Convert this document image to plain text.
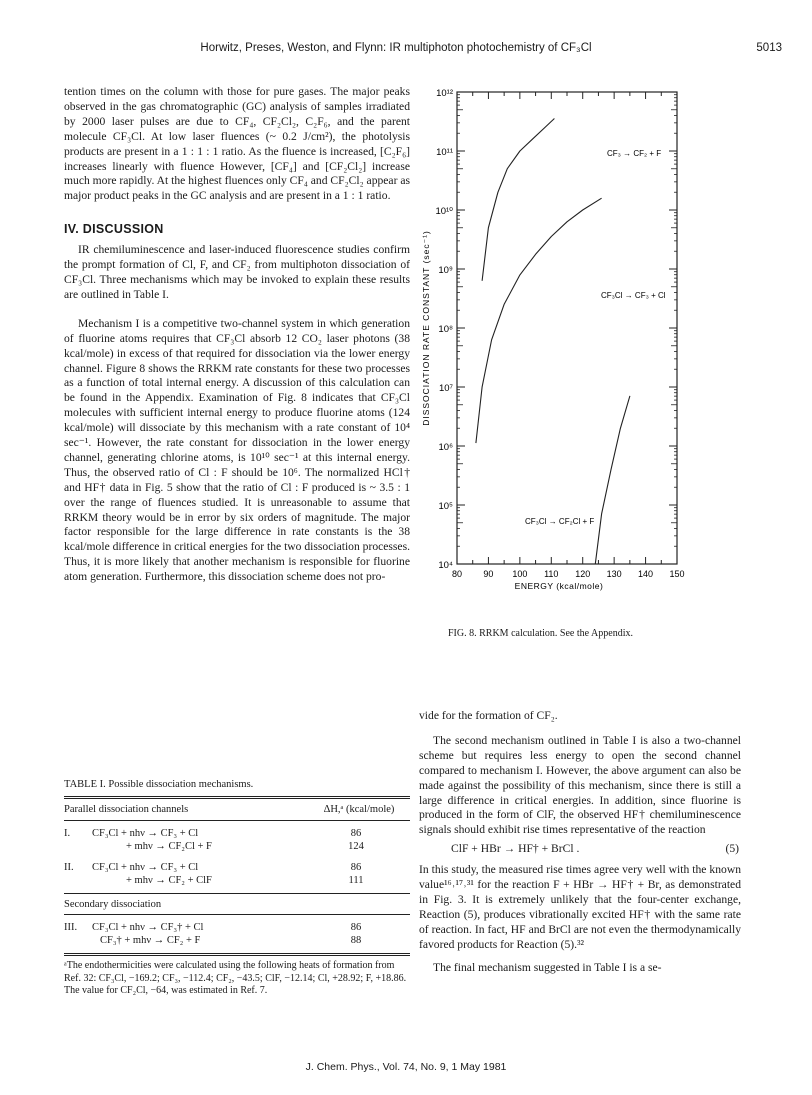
Horwitz, Preses, Weston, and Flynn: IR multiphoton photochemistry of CF₃Cl	5013

tention times on the column with those for pure gases. The major peaks observed in the gas chromatographic (GC) analysis of samples irradiated by 2000 laser pulses are due to CF₄, CF₂Cl₂, C₂F₆, and the parent molecule CF₃Cl. At low laser fluences (~ 0.2 J/cm²), the photolysis products are present in a 1 : 1 : 1 ratio. As the fluence is increased, [C₂F₆] increases linearly with fluence However, [CF₄] and [CF₂Cl₂] increase much more rapidly. At the highest fluences only CF₄ and CF₂Cl₂ appear as major product peaks in the GC analysis and are present in a 1 : 1 ratio.

IV. DISCUSSION

IR chemiluminescence and laser-induced fluorescence studies confirm the prompt formation of Cl, F, and CF₂ from multiphoton dissociation of CF₃Cl. Three mechanisms which may be invoked to explain these results are outlined in Table I.

Mechanism I is a competitive two-channel system in which generation of fluorine atoms requires that CF₃Cl absorb 12 CO₂ laser photons (38 kcal/mole) in excess of that required for dissociation via the lower energy channel. Figure 8 shows the RRKM rate constants for these two processes as a function of total internal energy. A discussion of this calculation can be found in the Appendix. Examination of Fig. 8 indicates that CF₃Cl molecules with sufficient internal energy to produce fluorine atoms (124 kcal/mole) will dissociate by this mechanism with a rate constant of 10⁴ sec⁻¹. However, the rate constant for dissociation in the lower energy channel, generating chlorine atoms, is 10¹⁰ sec⁻¹ at this internal energy. Thus, the observed ratio of Cl : F should be 10⁶. The normalized HCl† and HF† data in Fig. 5 show that the ratio of Cl : F produced is ~ 3.5 : 1 over the range of fluences studied. It is unreasonable to assume that RRKM theory would be in error by six orders of magnitude. The major factor responsible for the large difference in rate constants is the 38 kcal/mole difference in critical energies for the two dissociation processes. Thus, it is more likely that another mechanism is responsible for fluorine atom generation. Furthermore, this dissociation scheme does not pro-

TABLE I. Possible dissociation mechanisms.
Parallel dissociation channels	ΔH,ᵃ (kcal/mole)
I. CF₃Cl + nhν → CF₃ + Cl	86
+ mhν → CF₂Cl + F	124
II. CF₃Cl + nhν → CF₃ + Cl	86
+ mhν → CF₂ + ClF	111
Secondary dissociation
III. CF₃Cl + nhν → CF₃† + Cl	86
CF₃† + mhν → CF₂ + F	88
ᵃThe endothermicities were calculated using the following heats of formation from Ref. 32: CF₃Cl, −169.2; CF₃, −112.4; CF₂, −43.5; ClF, −12.14; Cl, +28.92; F, +18.86. The value for CF₂Cl, −64, was estimated in Ref. 7.
80 90 100 110 120 130 140 150
10⁴
10⁵
10⁶
10⁷
10⁸
10⁹
10¹⁰
10¹¹
10¹²
ENERGY (kcal/mole)
DISSOCIATION RATE CONSTANT (sec⁻¹)
CF₃ → CF₂ + F
CF₃Cl → CF₃ + Cl
CF₃Cl → CF₂Cl + F
FIG. 8. RRKM calculation. See the Appendix.

vide for the formation of CF₂.

The second mechanism outlined in Table I is also a two-channel scheme but requires less energy to open the second channel compared to mechanism I. However, the above argument can also be made against the possibility of this mechanism, since there is still a large difference in critical energies. In addition, since fluorine is produced in the form of ClF, the observed HF† chemiluminescence signals should exhibit rise times representative of the reaction

ClF + HBr → HF† + BrCl .	(5)

In this study, the measured rise times agree very well with the known value¹⁶˒¹⁷˒³¹ for the reaction F + HBr → HF† + Br, as demonstrated in Fig. 3. It is extremely unlikely that the four-center exchange, Reaction (5), produces vibrationally excited HF† with the same rate of reaction. In fact, HF and BrCl are not even the thermodynamically favored products for Reaction (5).³²

The final mechanism suggested in Table I is a se-

J. Chem. Phys., Vol. 74, No. 9, 1 May 1981
